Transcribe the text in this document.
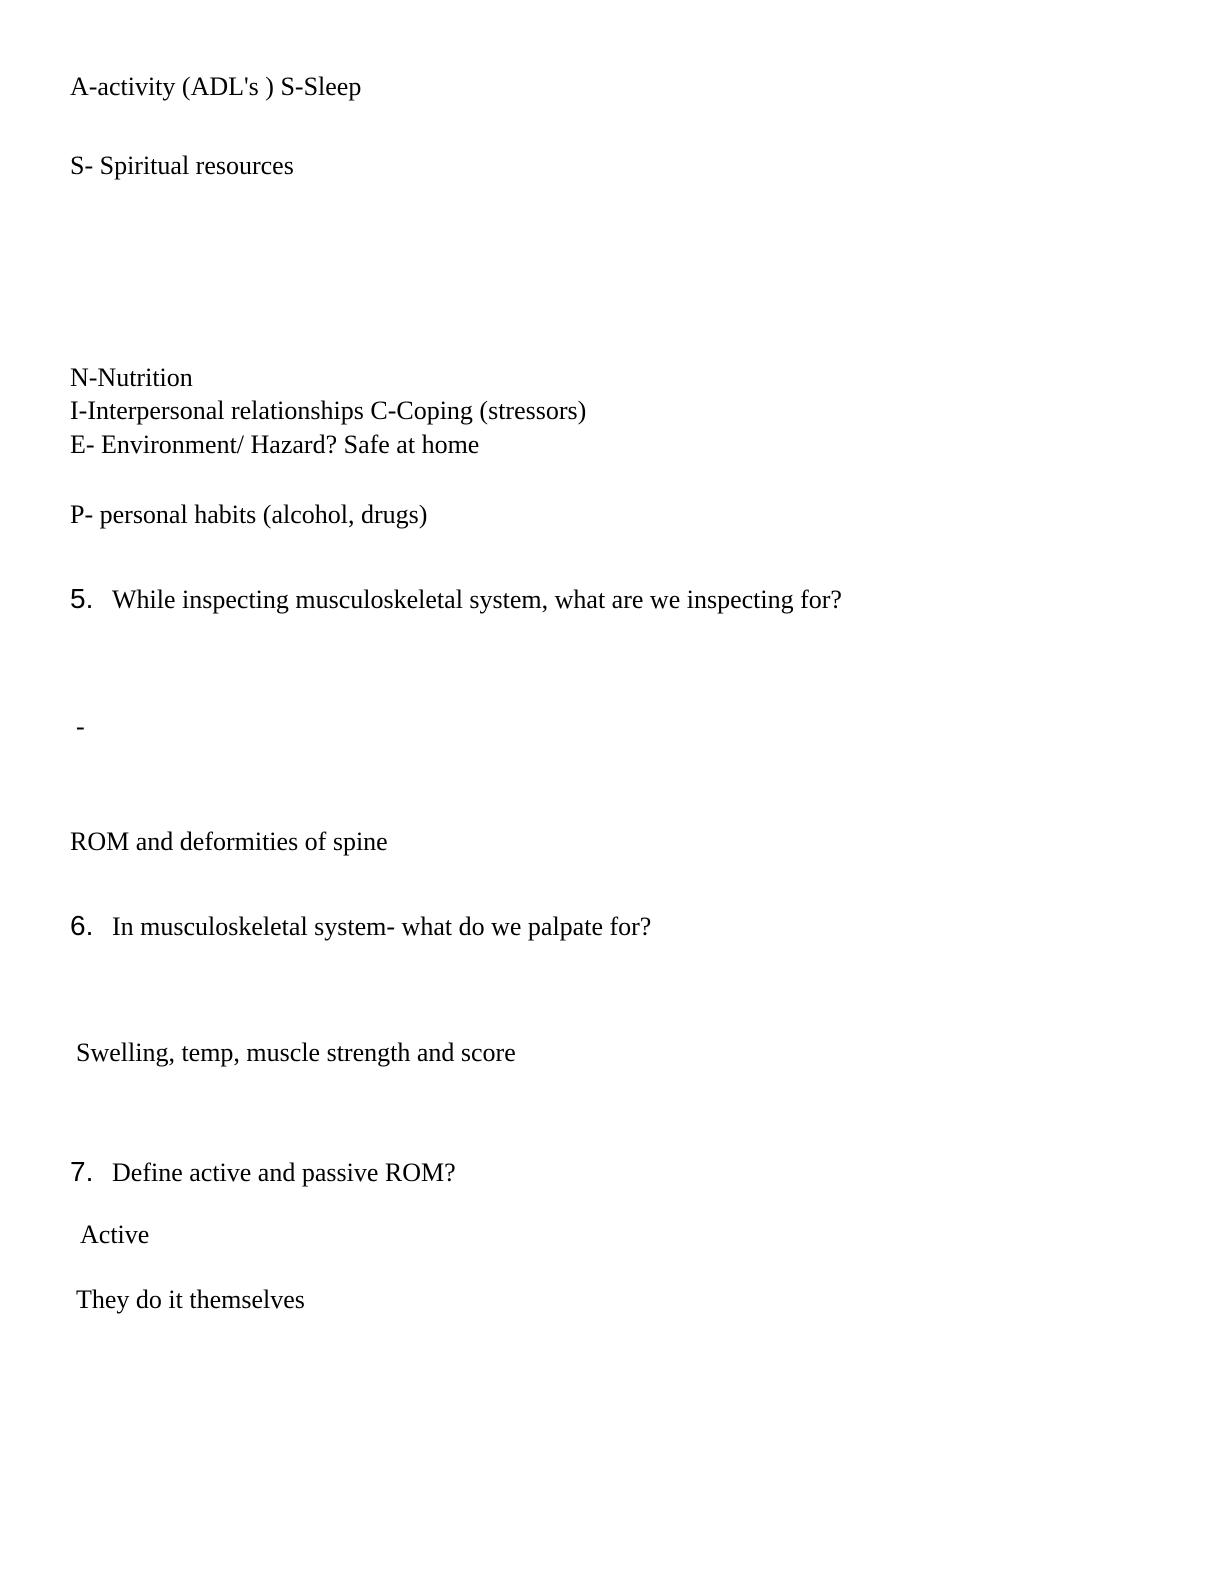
A-activity (ADL's ) S-Sleep
S- Spiritual resources
N-Nutrition
I-Interpersonal relationships C-Coping (stressors)
E- Environment/ Hazard? Safe at home
P- personal habits (alcohol, drugs)
5. While inspecting musculoskeletal system, what are we inspecting for?
-
ROM and deformities of spine
6. In musculoskeletal system- what do we palpate for?
Swelling, temp, muscle strength and score
7. Define active and passive ROM?
Active
They do it themselves
